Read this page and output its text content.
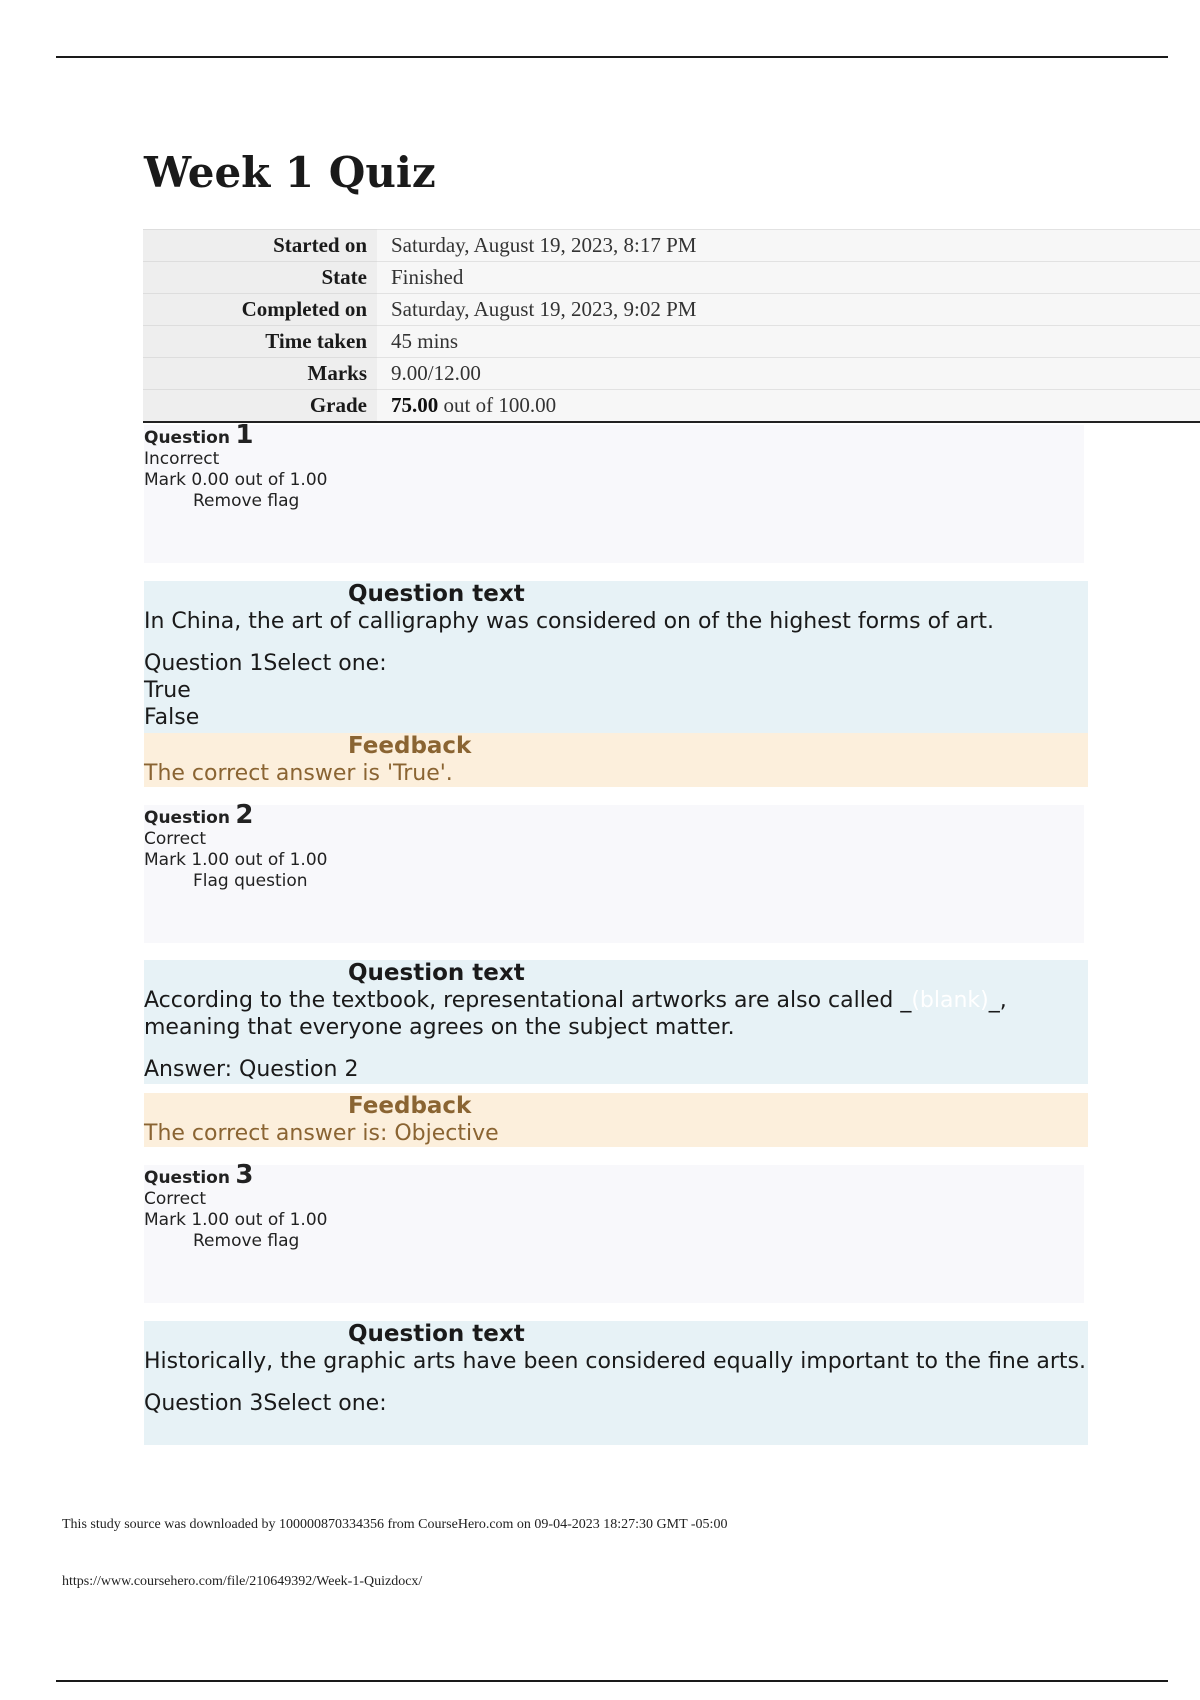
Week 1 Quiz
Started on	Saturday, August 19, 2023, 8:17 PM
State	Finished
Completed on	Saturday, August 19, 2023, 9:02 PM
Time taken	45 mins
Marks	9.00/12.00
Grade	75.00 out of 100.00
Question 1
Incorrect
Mark 0.00 out of 1.00
Remove flag
Question text

In China, the art of calligraphy was considered on of the highest forms of art.

Question 1Select one:

True
False
Feedback
The correct answer is 'True'.
Question 2
Correct
Mark 1.00 out of 1.00
Flag question
Question text

According to the textbook, representational artworks are also called _(blank)_, meaning that everyone agrees on the subject matter.

Answer: Question 2

Feedback
The correct answer is: Objective
Question 3
Correct
Mark 1.00 out of 1.00
Remove flag
Question text

Historically, the graphic arts have been considered equally important to the fine arts.

Question 3Select one:

This study source was downloaded by 100000870334356 from CourseHero.com on 09-04-2023 18:27:30 GMT -05:00
https://www.coursehero.com/file/210649392/Week-1-Quizdocx/
